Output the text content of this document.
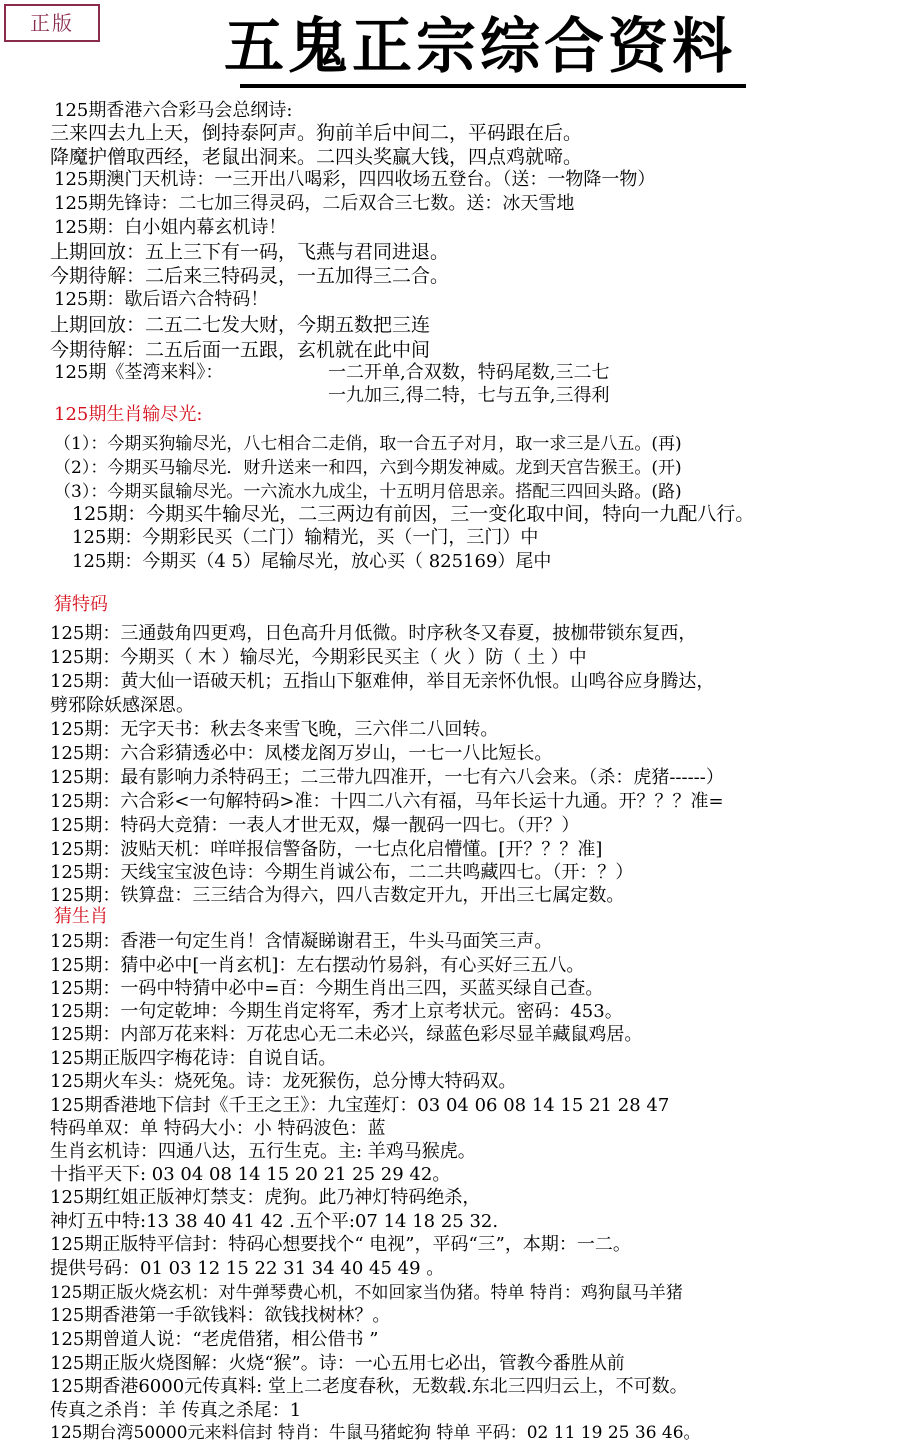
正版	五鬼正宗综合资料
125期香港六合彩马会总纲诗:
三来四去九上天，倒持泰阿声。狗前羊后中间二，平码跟在后。
降魔护僧取西经，老鼠出洞来。二四头奖赢大钱，四点鸡就啼。
125期澳门天机诗：一三开出八喝彩，四四收场五登台。（送：一物降一物）
125期先锋诗：二七加三得灵码，二后双合三七数。送：冰天雪地
125期：白小姐内幕玄机诗！
上期回放：五上三下有一码，飞燕与君同进退。
今期待解：二后来三特码灵，一五加得三二合。
125期：歇后语六合特码！
上期回放：二五二七发大财，今期五数把三连
今期待解：二五后面一五跟，玄机就在此中间
125期《荃湾来料》：	一二开单,合双数，特码尾数,三二七
一九加三,得二特，七与五争,三得利
125期生肖输尽光:
（1）：今期买狗输尽光，八七相合二走俏，取一合五子对月，取一求三是八五。(再)
（2）：今期买马输尽光．财升送来一和四，六到今期发神威。龙到天宫告猴王。(开)
（3）：今期买鼠输尽光。一六流水九成尘，十五明月倍思亲。搭配三四回头路。(路)
125期：今期买牛输尽光，二三两边有前因，三一变化取中间，特向一九配八行。
125期：今期彩民买（二门）输精光，买（一门，三门）中
125期：今期买（4 5）尾输尽光，放心买（ 825169）尾中
猜特码
125期：三通鼓角四更鸡，日色高升月低微。时序秋冬又春夏，披枷带锁东复西，
125期：今期买（ 木 ）输尽光，今期彩民买主（ 火 ）防（ 土 ）中
125期：黄大仙一语破天机；五指山下躯难伸，举目无亲怀仇恨。山鸣谷应身腾达，
劈邪除妖感深恩。
125期：无字天书：秋去冬来雪飞晚，三六伴二八回转。
125期：六合彩猜透必中：凤楼龙阁万岁山，一七一八比短长。
125期：最有影响力杀特码王；二三带九四准开，一七有六八会来。（杀：虎猪------）
125期：六合彩<一句解特码>准：十四二八六有福，马年长运十九通。开？？？准=
125期：特码大竞猜：一表人才世无双，爆一靓码一四七。（开？）
125期：波贴天机：咩咩报信警备防，一七点化启懵懂。[开？？？准]
125期：天线宝宝波色诗：今期生肖诚公布，二二共鸣藏四七。（开：？）
125期：铁算盘：三三结合为得六，四八吉数定开九，开出三七属定数。
猜生肖
125期：香港一句定生肖！含情凝睇谢君王，牛头马面笑三声。
125期：猜中必中[一肖玄机]：左右摆动竹易斜，有心买好三五八。
125期：一码中特猜中必中=百：今期生肖出三四，买蓝买绿自己查。
125期：一句定乾坤：今期生肖定将军，秀才上京考状元。密码：453。
125期：内部万花来料：万花忠心无二未必兴，绿蓝色彩尽显羊藏鼠鸡居。
125期正版四字梅花诗：自说自话。
125期火车头：烧死兔。诗：龙死猴伤，总分博大特码双。
125期香港地下信封《千王之王》：九宝莲灯：03 04 06 08 14 15 21 28 47
特码单双：单 特码大小：小 特码波色：蓝
生肖玄机诗：四通八达，五行生克。主: 羊鸡马猴虎。
十指平天下: 03 04 08 14 15 20 21 25 29 42。
125期红姐正版神灯禁支：虎狗。此乃神灯特码绝杀，
神灯五中特:13 38 40 41 42 .五个平:07 14 18 25 32.
125期正版特平信封：特码心想要找个“ 电视”，平码“三”，本期：一二。
提供号码：01 03 12 15 22 31 34 40 45 49 。
125期正版火烧玄机：对牛弹琴费心机，不如回家当伪猪。特单 特肖：鸡狗鼠马羊猪
125期香港第一手欲钱料：欲钱找树林？。
125期曾道人说：“老虎借猪，相公借书 ”
125期正版火烧图解：火烧“猴”。诗：一心五用七必出，管教今番胜从前
125期香港6000元传真料: 堂上二老度春秋，无数载.东北三四归云上，不可数。
传真之杀肖：羊 传真之杀尾：1
125期台湾50000元来料信封 特肖：牛鼠马猪蛇狗 特单 平码：02 11 19 25 36 46。
